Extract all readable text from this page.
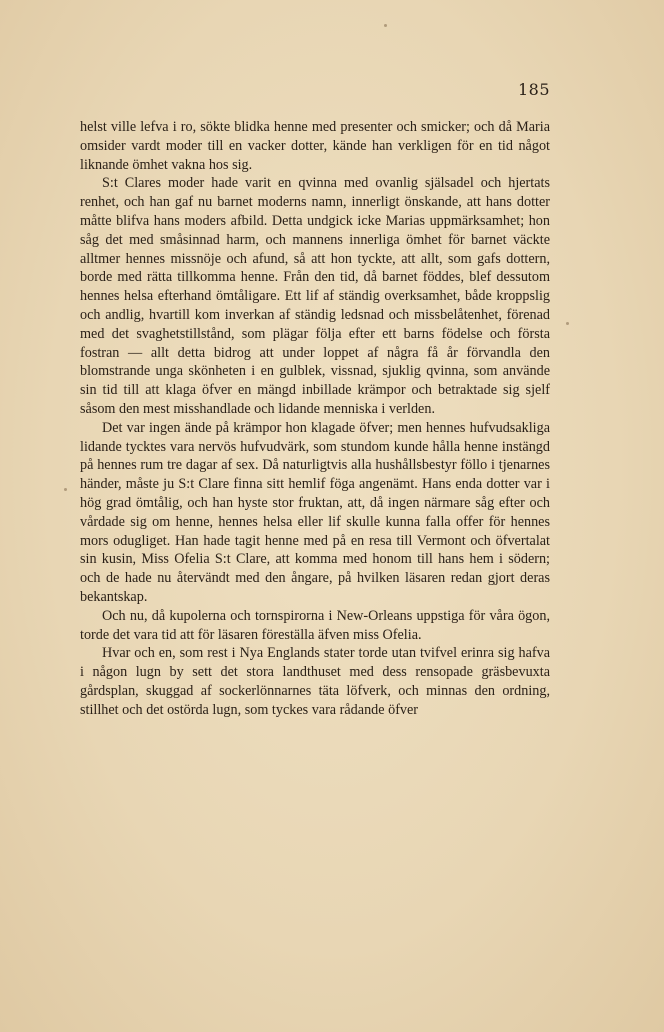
185

helst ville lefva i ro, sökte blidka henne med presenter och smicker; och då Maria omsider vardt moder till en vacker dotter, kände han verkligen för en tid något liknande ömhet vakna hos sig.

S:t Clares moder hade varit en qvinna med ovanlig själsadel och hjertats renhet, och han gaf nu barnet moderns namn, innerligt önskande, att hans dotter måtte blifva hans moders afbild. Detta undgick icke Marias uppmärksamhet; hon såg det med småsinnad harm, och mannens innerliga ömhet för barnet väckte alltmer hennes missnöje och afund, så att hon tyckte, att allt, som gafs dottern, borde med rätta tillkomma henne. Från den tid, då barnet föddes, blef dessutom hennes helsa efterhand ömtåligare. Ett lif af ständig overksamhet, både kroppslig och andlig, hvartill kom inverkan af ständig ledsnad och missbelåtenhet, förenad med det svaghetstillstånd, som plägar följa efter ett barns födelse och första fostran — allt detta bidrog att under loppet af några få år förvandla den blomstrande unga skönheten i en gulblek, vissnad, sjuklig qvinna, som använde sin tid till att klaga öfver en mängd inbillade krämpor och betraktade sig sjelf såsom den mest misshandlade och lidande menniska i verlden.

Det var ingen ände på krämpor hon klagade öfver; men hennes hufvudsakliga lidande tycktes vara nervös hufvudvärk, som stundom kunde hålla henne instängd på hennes rum tre dagar af sex. Då naturligtvis alla hushållsbestyr föllo i tjenarnes händer, måste ju S:t Clare finna sitt hemlif föga angenämt. Hans enda dotter var i hög grad ömtålig, och han hyste stor fruktan, att, då ingen närmare såg efter och vårdade sig om henne, hennes helsa eller lif skulle kunna falla offer för hennes mors odugliget. Han hade tagit henne med på en resa till Vermont och öfvertalat sin kusin, Miss Ofelia S:t Clare, att komma med honom till hans hem i södern; och de hade nu återvändt med den ångare, på hvilken läsaren redan gjort deras bekantskap.

Och nu, då kupolerna och tornspirorna i New-Orleans uppstiga för våra ögon, torde det vara tid att för läsaren föreställa äfven miss Ofelia.

Hvar och en, som rest i Nya Englands stater torde utan tvifvel erinra sig hafva i någon lugn by sett det stora landthuset med dess rensopade gräsbevuxta gårdsplan, skuggad af sockerlönnarnes täta löfverk, och minnas den ordning, stillhet och det ostörda lugn, som tyckes vara rådande öfver
